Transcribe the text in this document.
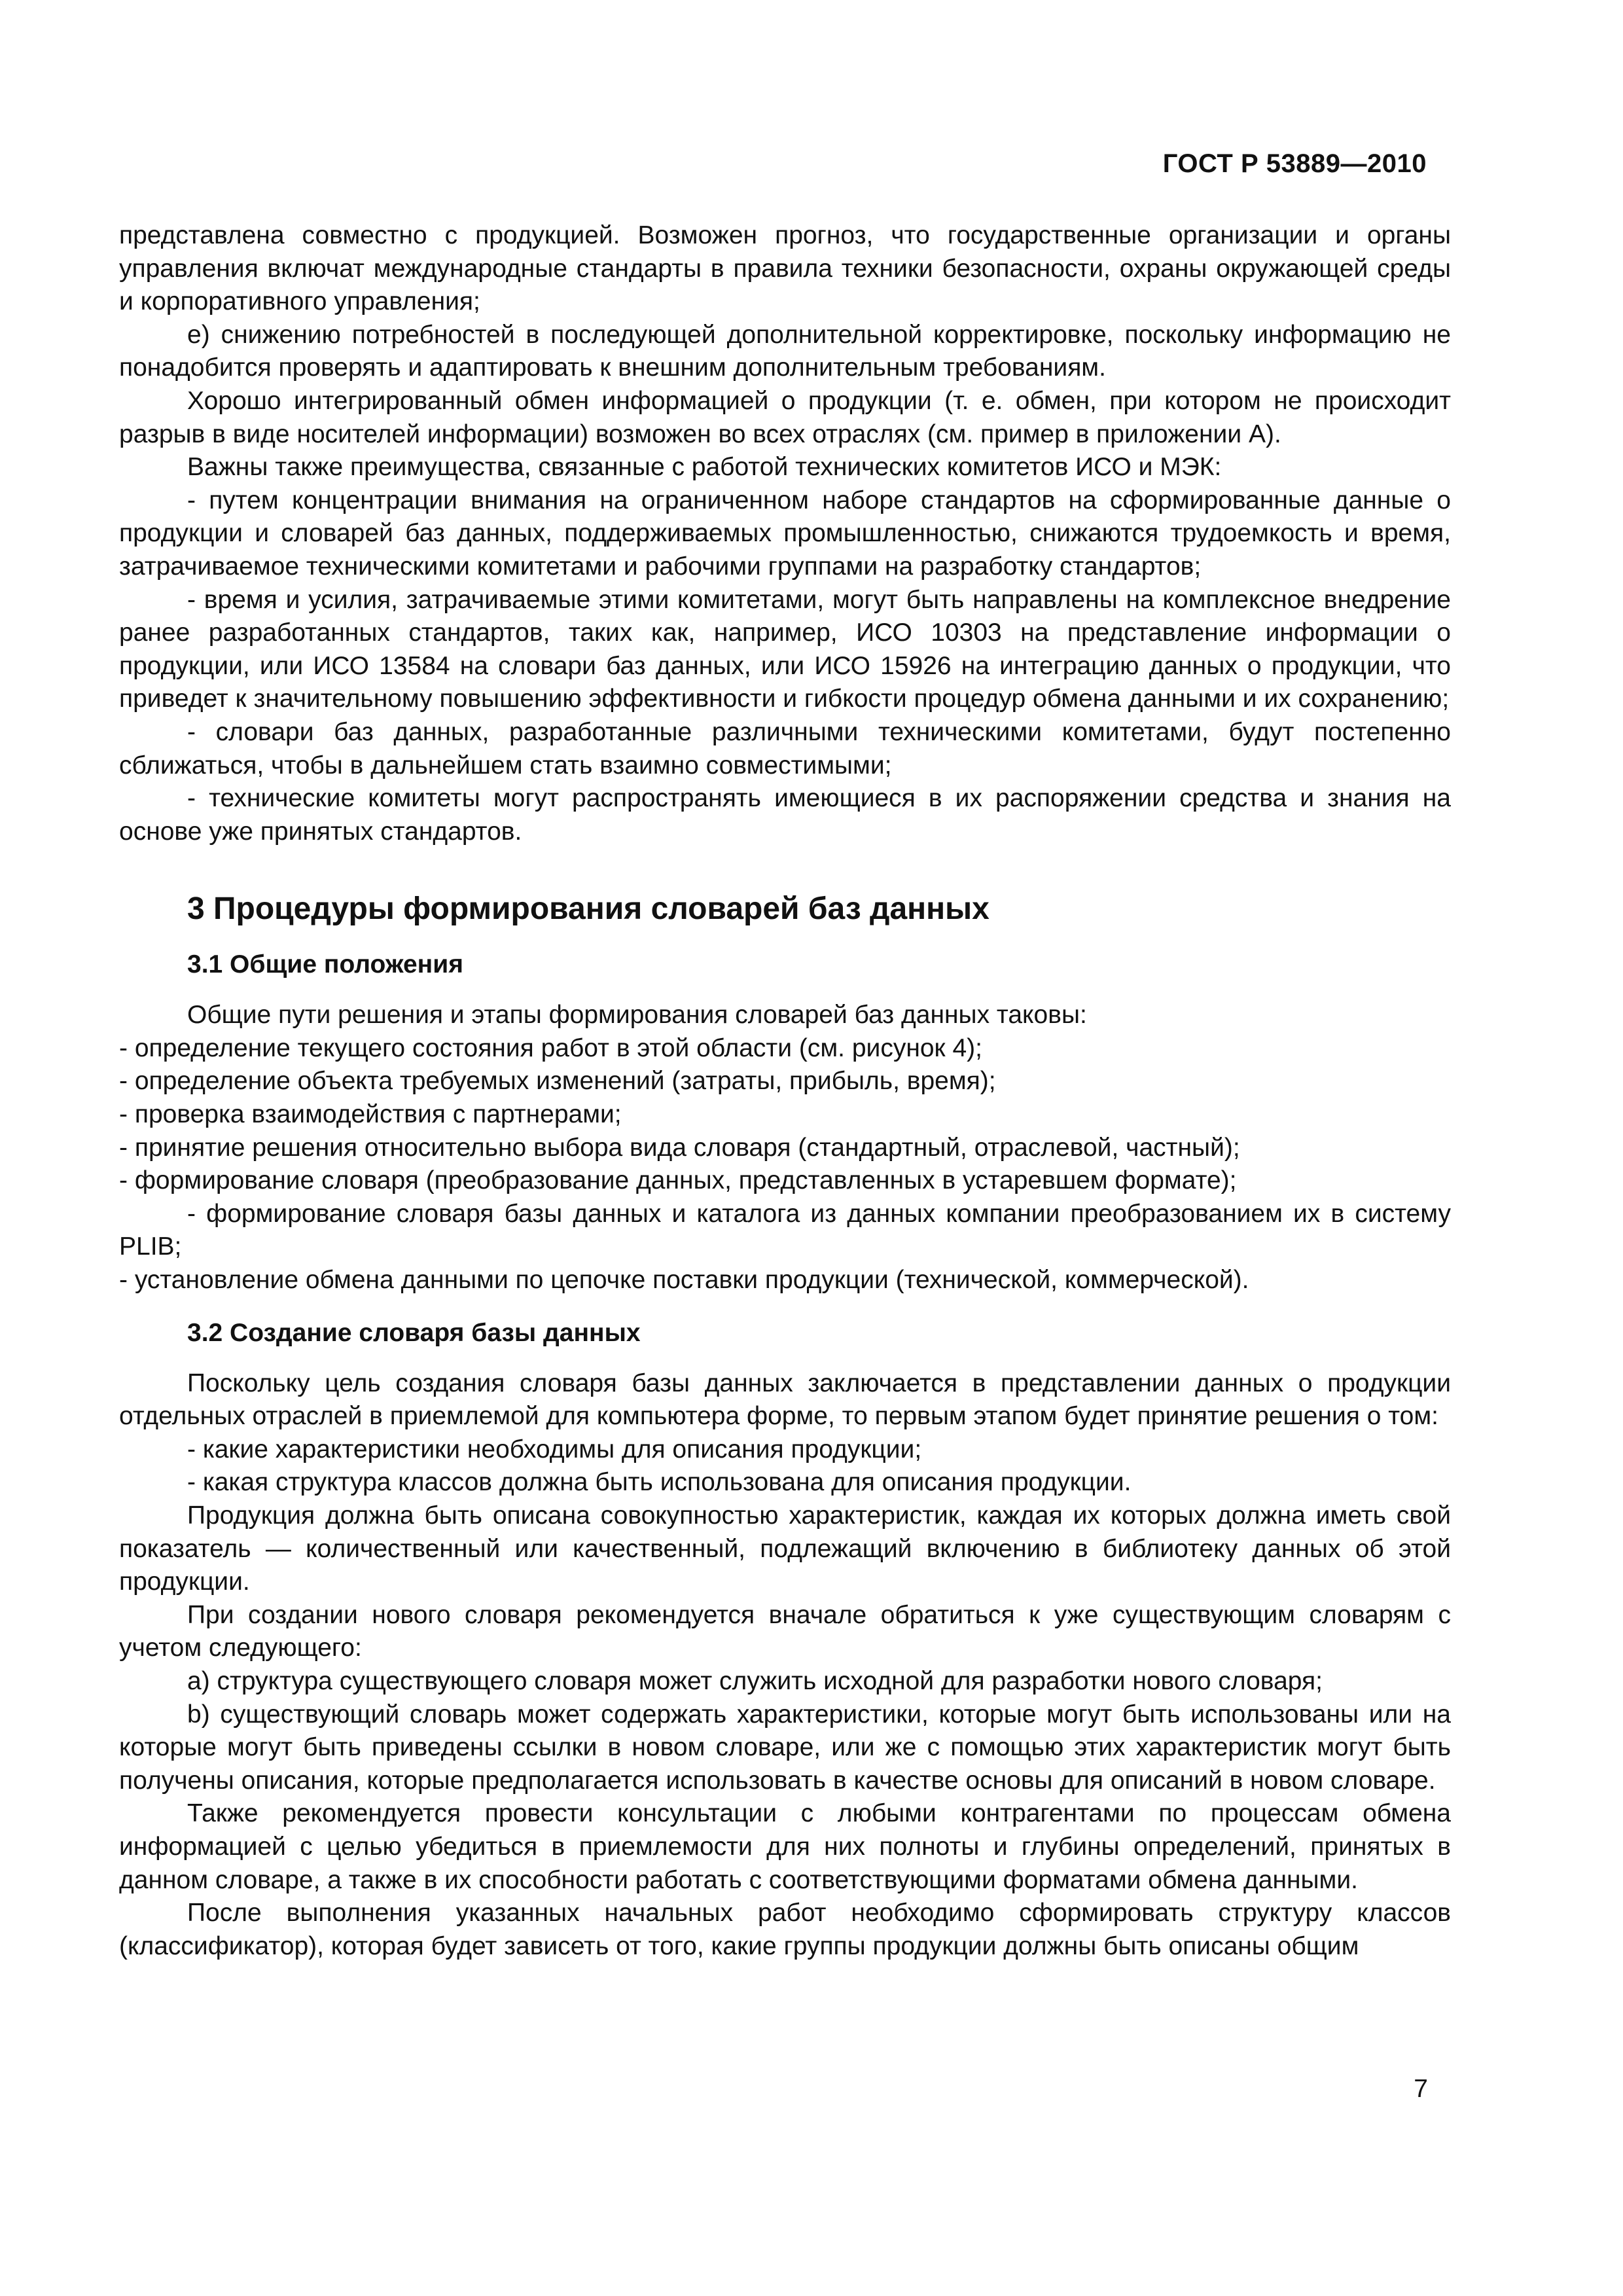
ГОСТ Р 53889—2010

представлена совместно с продукцией. Возможен прогноз, что государственные организации и органы управления включат международные стандарты в правила техники безопасности, охраны окружающей среды и корпоративного управления;

е) снижению потребностей в последующей дополнительной корректировке, поскольку информацию не понадобится проверять и адаптировать к внешним дополнительным требованиям.

Хорошо интегрированный обмен информацией о продукции (т. е. обмен, при котором не происходит разрыв в виде носителей информации) возможен во всех отраслях (см. пример в приложении А).

Важны также преимущества, связанные с работой технических комитетов ИСО и МЭК:

- путем концентрации внимания на ограниченном наборе стандартов на сформированные данные о продукции и словарей баз данных, поддерживаемых промышленностью, снижаются трудоемкость и время, затрачиваемое техническими комитетами и рабочими группами на разработку стандартов;

- время и усилия, затрачиваемые этими комитетами, могут быть направлены на комплексное внедрение ранее разработанных стандартов, таких как, например, ИСО 10303 на представление информации о продукции, или ИСО 13584 на словари баз данных, или ИСО 15926 на интеграцию данных о продукции, что приведет к значительному повышению эффективности и гибкости процедур обмена данными и их сохранению;

- словари баз данных, разработанные различными техническими комитетами, будут постепенно сближаться, чтобы в дальнейшем стать взаимно совместимыми;

- технические комитеты могут распространять имеющиеся в их распоряжении средства и знания на основе уже принятых стандартов.

3 Процедуры формирования словарей баз данных
3.1 Общие положения

Общие пути решения и этапы формирования словарей баз данных таковы:

- определение текущего состояния работ в этой области (см. рисунок 4);

- определение объекта требуемых изменений (затраты, прибыль, время);

- проверка взаимодействия с партнерами;

- принятие решения относительно выбора вида словаря (стандартный, отраслевой, частный);

- формирование словаря (преобразование данных, представленных в устаревшем формате);

- формирование словаря базы данных и каталога из данных компании преобразованием их в систему PLIB;

- установление обмена данными по цепочке поставки продукции (технической, коммерческой).

3.2 Создание словаря базы данных

Поскольку цель создания словаря базы данных заключается в представлении данных о продукции отдельных отраслей в приемлемой для компьютера форме, то первым этапом будет принятие решения о том:

- какие характеристики необходимы для описания продукции;

- какая структура классов должна быть использована для описания продукции.

Продукция должна быть описана совокупностью характеристик, каждая их которых должна иметь свой показатель — количественный или качественный, подлежащий включению в библиотеку данных об этой продукции.

При создании нового словаря рекомендуется вначале обратиться к уже существующим словарям с учетом следующего:

а) структура существующего словаря может служить исходной для разработки нового словаря;

b) существующий словарь может содержать характеристики, которые могут быть использованы или на которые могут быть приведены ссылки в новом словаре, или же с помощью этих характеристик могут быть получены описания, которые предполагается использовать в качестве основы для описаний в новом словаре.

Также рекомендуется провести консультации с любыми контрагентами по процессам обмена информацией с целью убедиться в приемлемости для них полноты и глубины определений, принятых в данном словаре, а также в их способности работать с соответствующими форматами обмена данными.

После выполнения указанных начальных работ необходимо сформировать структуру классов (классификатор), которая будет зависеть от того, какие группы продукции должны быть описаны общим

7
